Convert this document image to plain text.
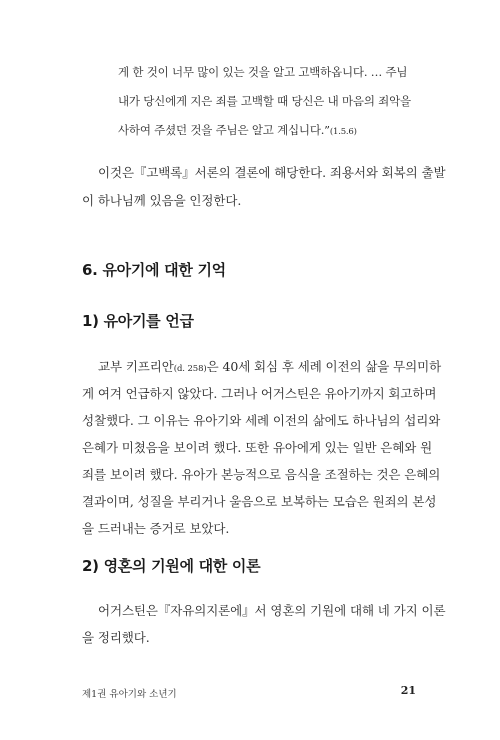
게 한 것이 너무 많이 있는 것을 알고 고백하옵니다. … 주님
내가 당신에게 지은 죄를 고백할 때 당신은 내 마음의 죄악을
사하여 주셨던 것을 주님은 알고 계십니다.”(1.5.6)
이것은『고백록』서론의 결론에 해당한다. 죄용서와 회복의 출발
이 하나님께 있음을 인정한다.
6. 유아기에 대한 기억
1) 유아기를 언급
교부 키프리안(d. 258)은 40세 회심 후 세례 이전의 삶을 무의미하
게 여겨 언급하지 않았다. 그러나 어거스틴은 유아기까지 회고하며
성찰했다. 그 이유는 유아기와 세례 이전의 삶에도 하나님의 섭리와
은혜가 미쳤음을 보이려 했다. 또한 유아에게 있는 일반 은혜와 원
죄를 보이려 했다. 유아가 본능적으로 음식을 조절하는 것은 은혜의
결과이며, 성질을 부리거나 울음으로 보복하는 모습은 원죄의 본성
을 드러내는 증거로 보았다.
2) 영혼의 기원에 대한 이론
어거스틴은『자유의지론에』서 영혼의 기원에 대해 네 가지 이론
을 정리했다.
제1권 유아기와 소년기	21
